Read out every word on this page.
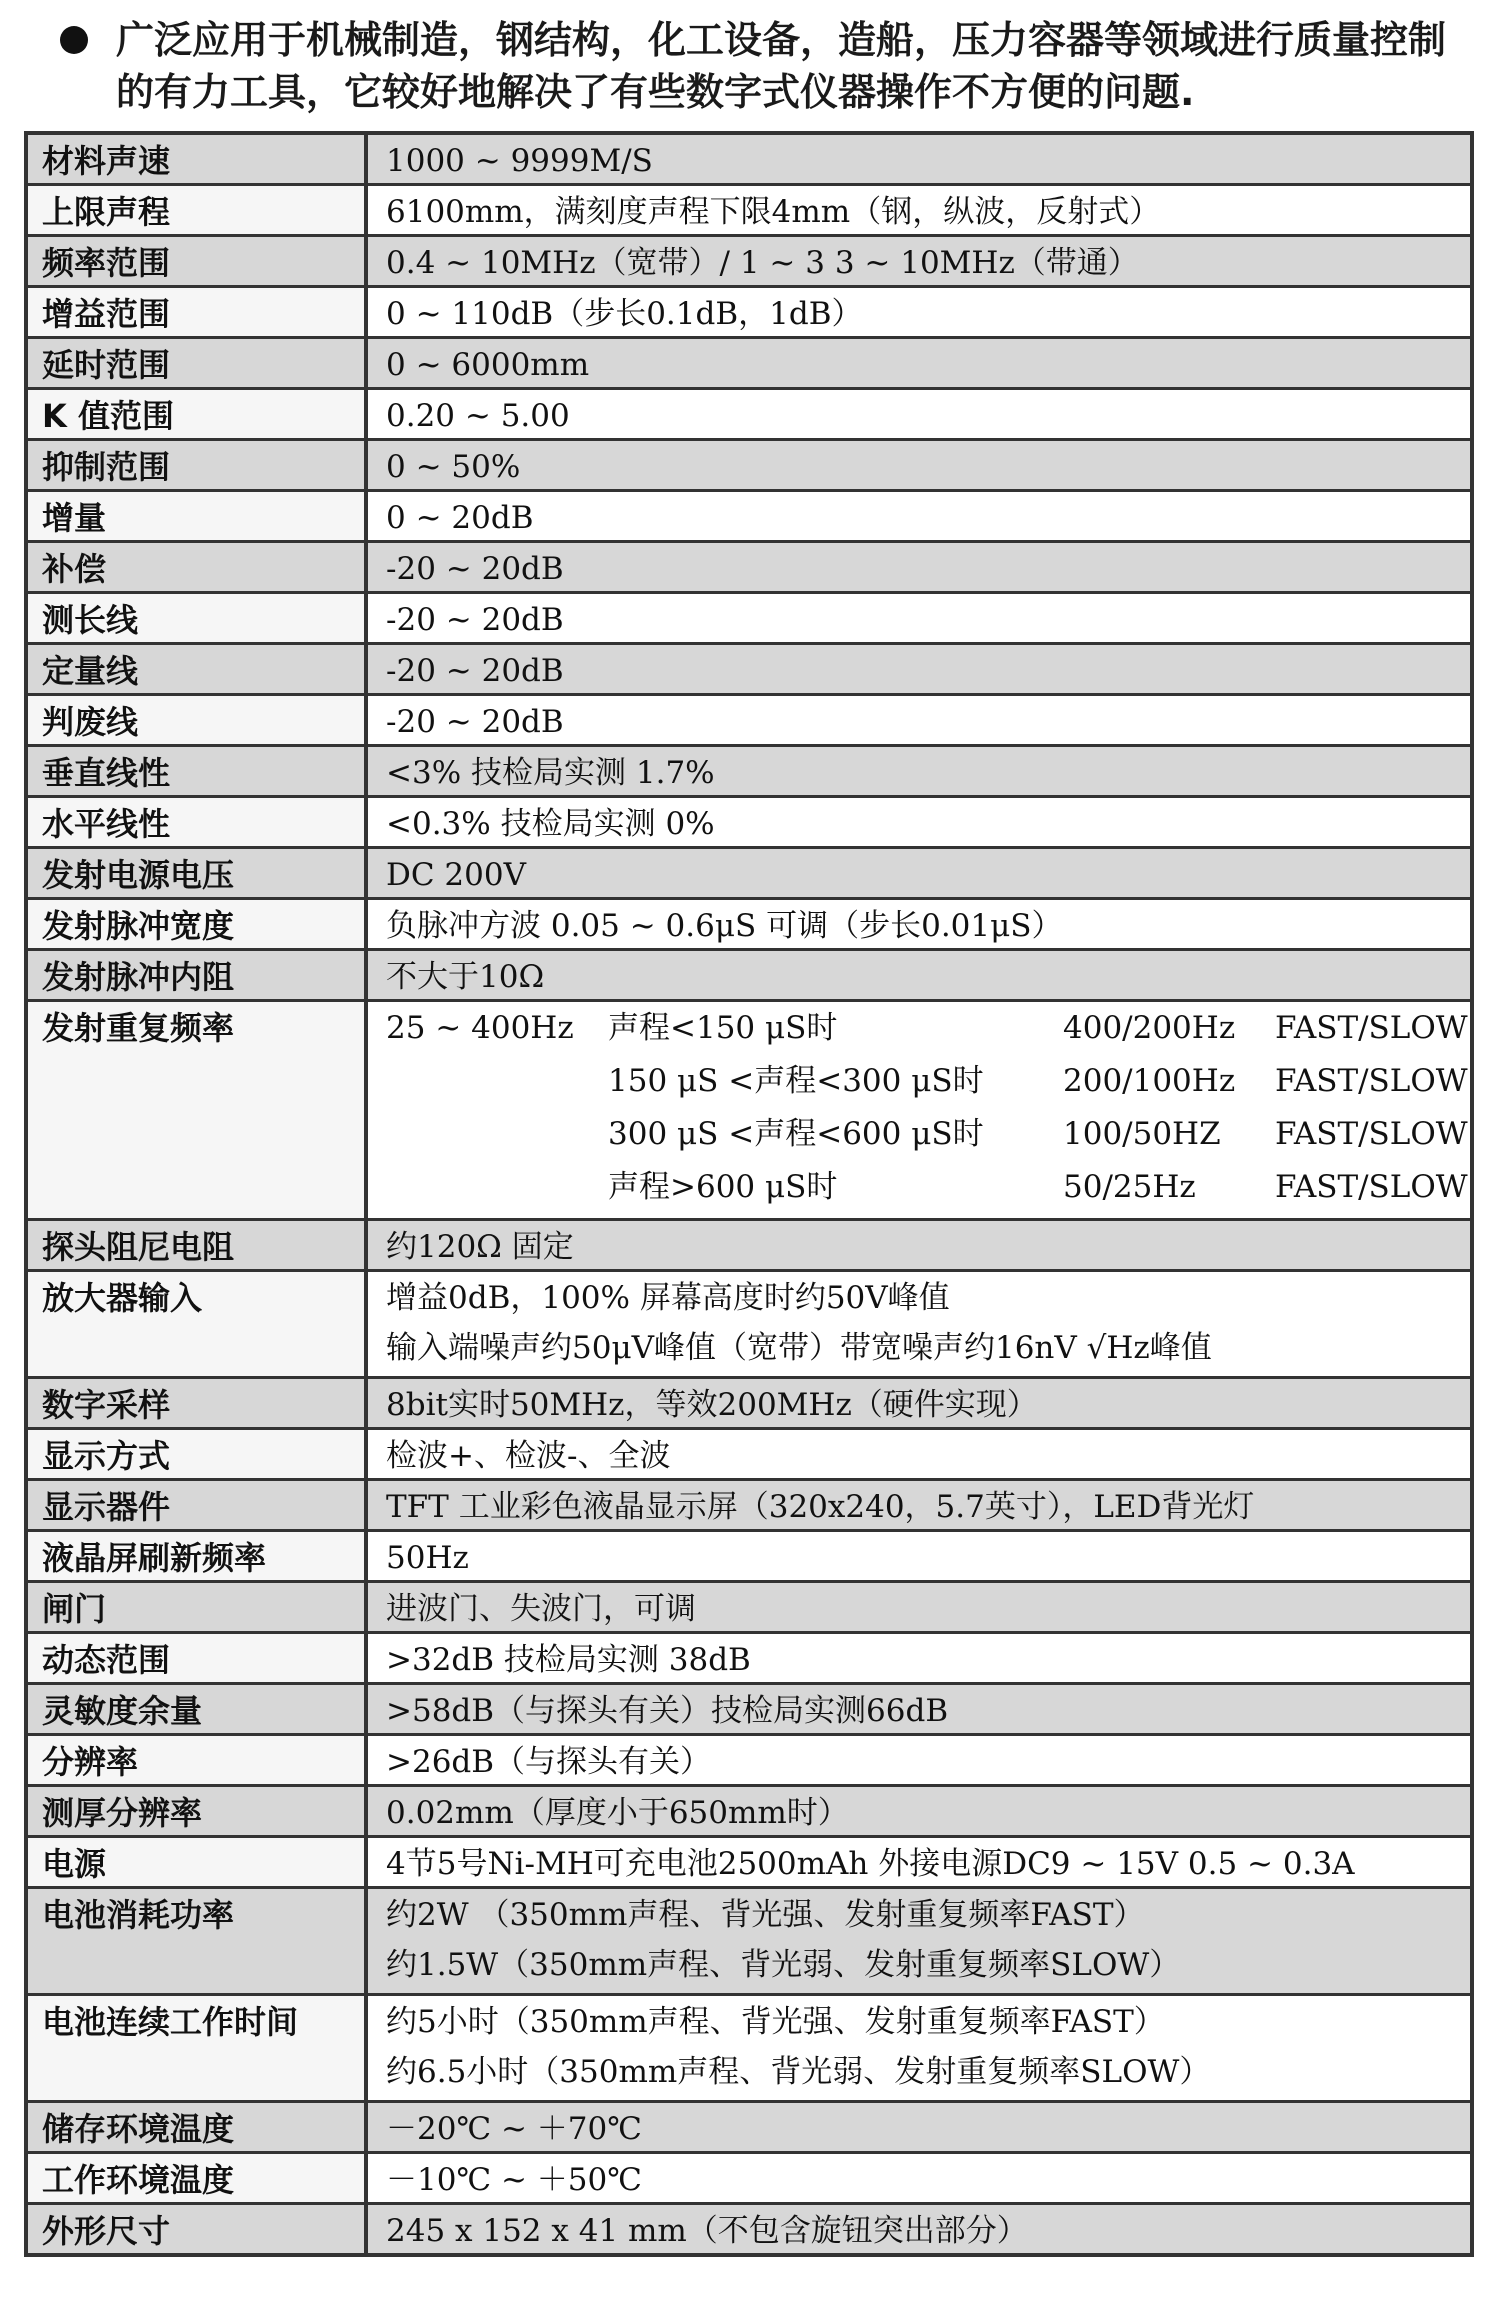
广泛应用于机械制造，钢结构，化工设备，造船，压力容器等领域进行质量控制
的有力工具，它较好地解决了有些数字式仪器操作不方便的问题.
材料声速	1000 ~ 9999M/S
上限声程	6100mm，满刻度声程下限4mm（钢，纵波，反射式）
频率范围	0.4 ~ 10MHz（宽带）/ 1 ~ 3 3 ~ 10MHz（带通）
增益范围	0 ~ 110dB（步长0.1dB，1dB）
延时范围	0 ~ 6000mm
K 值范围	0.20 ~ 5.00
抑制范围	0 ~ 50%
增量	0 ~ 20dB
补偿	-20 ~ 20dB
测长线	-20 ~ 20dB
定量线	-20 ~ 20dB
判废线	-20 ~ 20dB
垂直线性	<3% 技检局实测 1.7%
水平线性	<0.3% 技检局实测 0%
发射电源电压	DC 200V
发射脉冲宽度	负脉冲方波 0.05 ~ 0.6μS 可调（步长0.01μS）
发射脉冲内阻	不大于10Ω
发射重复频率	25 ~ 400Hz	声程<150 μS时	400/200Hz	FAST/SLOW
150 μS <声程<300 μS时	200/100Hz	FAST/SLOW
300 μS <声程<600 μS时	100/50HZ	FAST/SLOW
声程>600 μS时	50/25Hz	FAST/SLOW
探头阻尼电阻	约120Ω 固定
放大器输入	增益0dB，100% 屏幕高度时约50V峰值
输入端噪声约50μV峰值（宽带）带宽噪声约16nV √Hz峰值
数字采样	8bit实时50MHz，等效200MHz（硬件实现）
显示方式	检波+、检波-、全波
显示器件	TFT 工业彩色液晶显示屏（320x240，5.7英寸），LED背光灯
液晶屏刷新频率	50Hz
闸门	进波门、失波门，可调
动态范围	>32dB 技检局实测 38dB
灵敏度余量	>58dB（与探头有关）技检局实测66dB
分辨率	>26dB（与探头有关）
测厚分辨率	0.02mm（厚度小于650mm时）
电源	4节5号Ni-MH可充电池2500mAh 外接电源DC9 ~ 15V 0.5 ~ 0.3A
电池消耗功率	约2W （350mm声程、背光强、发射重复频率FAST）
约1.5W（350mm声程、背光弱、发射重复频率SLOW）
电池连续工作时间	约5小时（350mm声程、背光强、发射重复频率FAST）
约6.5小时（350mm声程、背光弱、发射重复频率SLOW）
储存环境温度	－20℃ ~ ＋70℃
工作环境温度	－10℃ ~ ＋50℃
外形尺寸	245 x 152 x 41 mm（不包含旋钮突出部分）
